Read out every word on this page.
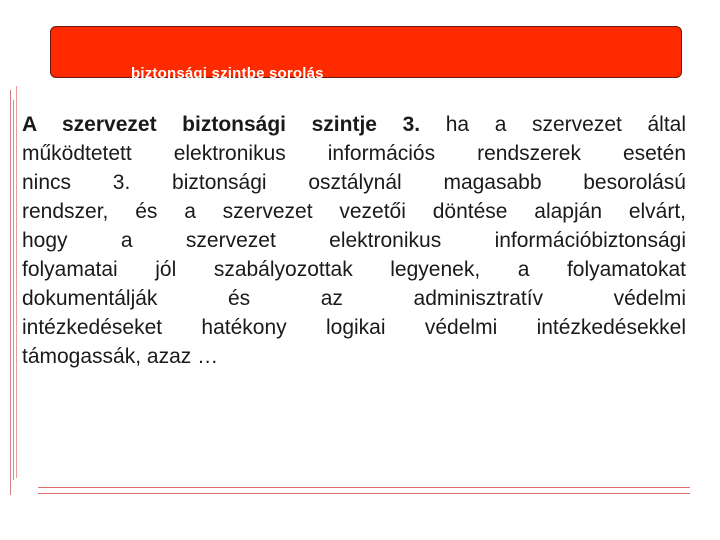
biztonsági szintbe sorolás
A szervezet biztonsági szintje 3. ha a szervezet által
működtetett elektronikus információs rendszerek esetén
nincs 3. biztonsági osztálynál magasabb besorolású
rendszer, és a szervezet vezetői döntése alapján elvárt,
hogy a szervezet elektronikus információbiztonsági
folyamatai jól szabályozottak legyenek, a folyamatokat
dokumentálják és az adminisztratív védelmi
intézkedéseket hatékony logikai védelmi intézkedésekkel
támogassák, azaz …
